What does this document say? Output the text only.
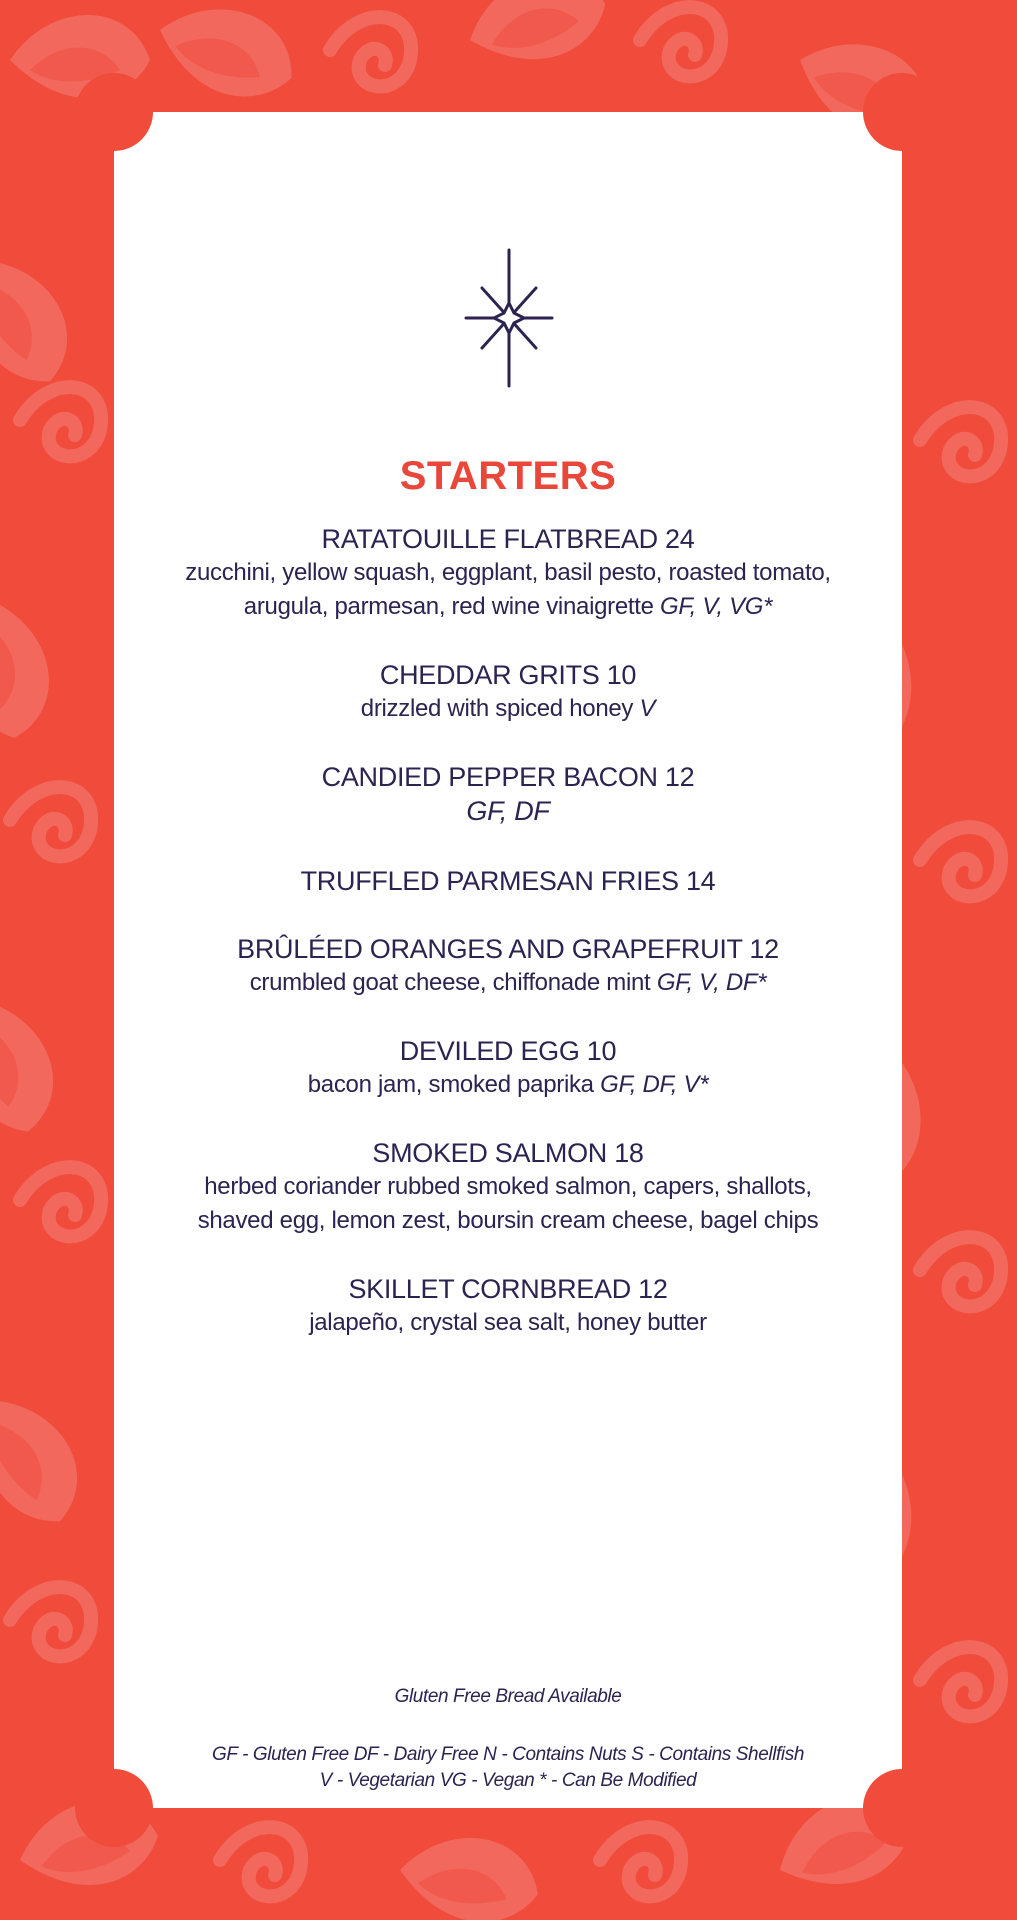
STARTERS
RATATOUILLE FLATBREAD 24
zucchini, yellow squash, eggplant, basil pesto, roasted tomato,
arugula, parmesan, red wine vinaigrette GF, V, VG*
CHEDDAR GRITS 10
drizzled with spiced honey V
CANDIED PEPPER BACON 12
GF, DF
TRUFFLED PARMESAN FRIES 14
BRÛLÉED ORANGES AND GRAPEFRUIT 12
crumbled goat cheese, chiffonade mint GF, V, DF*
DEVILED EGG 10
bacon jam, smoked paprika GF, DF, V*
SMOKED SALMON 18
herbed coriander rubbed smoked salmon, capers, shallots,
shaved egg, lemon zest, boursin cream cheese, bagel chips
SKILLET CORNBREAD 12
jalapeño, crystal sea salt, honey butter
Gluten Free Bread Available
GF - Gluten Free DF - Dairy Free N - Contains Nuts S - Contains Shellfish
V - Vegetarian VG - Vegan * - Can Be Modified
